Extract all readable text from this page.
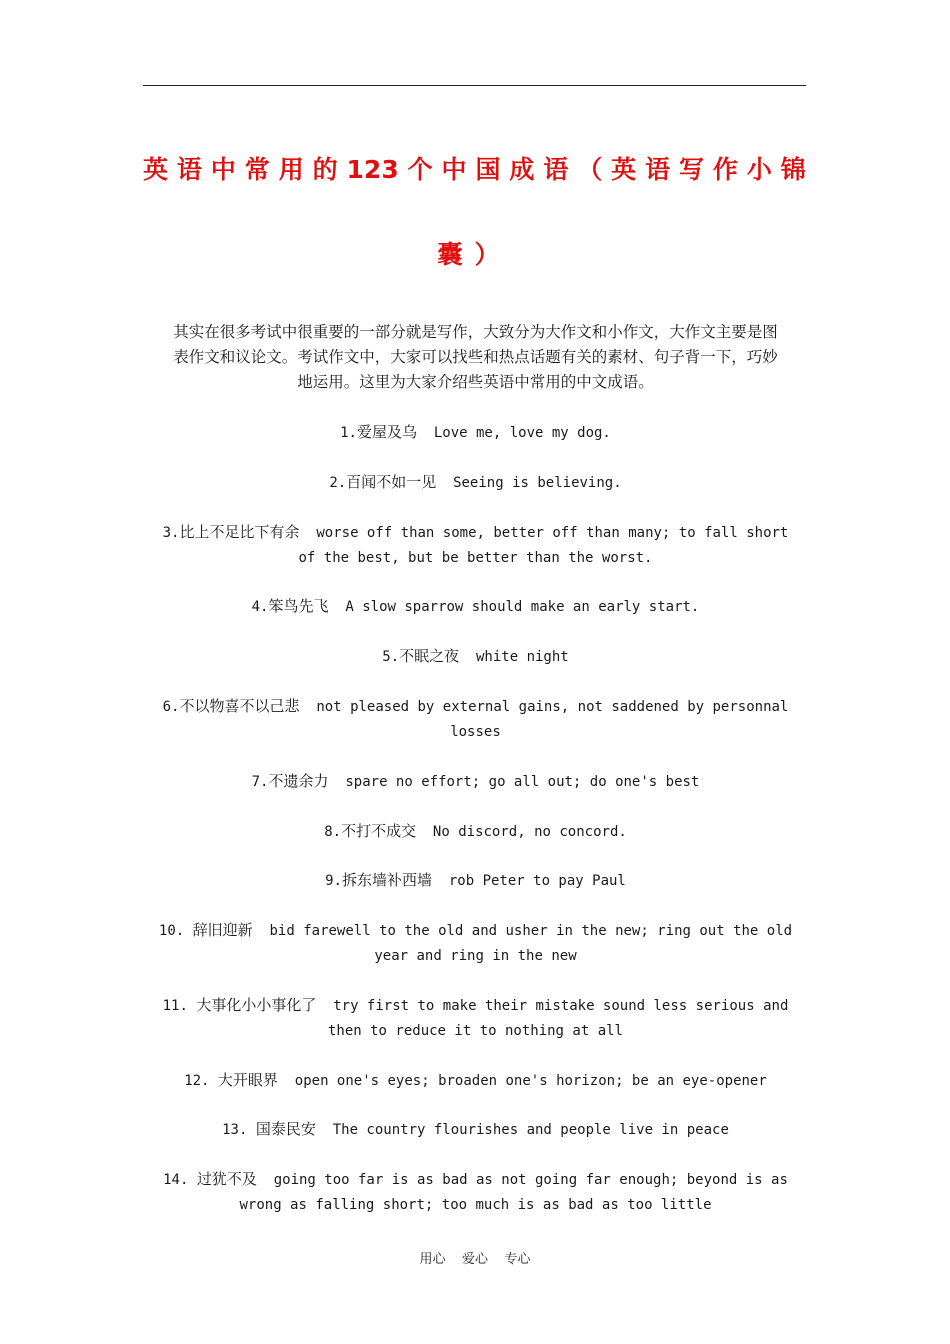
英 语 中 常 用 的 123 个 中 国 成 语 （ 英 语 写 作 小 锦
囊）
其实在很多考试中很重要的一部分就是写作，大致分为大作文和小作文，大作文主要是图
表作文和议论文。考试作文中，大家可以找些和热点话题有关的素材、句子背一下，巧妙
地运用。这里为大家介绍些英语中常用的中文成语。
1.爱屋及乌  Love me, love my dog.
2.百闻不如一见  Seeing is believing.
3.比上不足比下有余  worse off than some, better off than many; to fall short
of the best, but be better than the worst.
4.笨鸟先飞  A slow sparrow should make an early start.
5.不眠之夜  white night
6.不以物喜不以己悲  not pleased by external gains, not saddened by personnal
losses
7.不遗余力  spare no effort; go all out; do one's best
8.不打不成交  No discord, no concord.
9.拆东墙补西墙  rob Peter to pay Paul
10. 辞旧迎新  bid farewell to the old and usher in the new; ring out the old
year and ring in the new
11. 大事化小小事化了  try first to make their mistake sound less serious and
then to reduce it to nothing at all
12. 大开眼界  open one's eyes; broaden one's horizon; be an eye-opener
13. 国泰民安  The country flourishes and people live in peace
14. 过犹不及  going too far is as bad as not going far enough; beyond is as
wrong as falling short; too much is as bad as too little
用心    爱心    专心
